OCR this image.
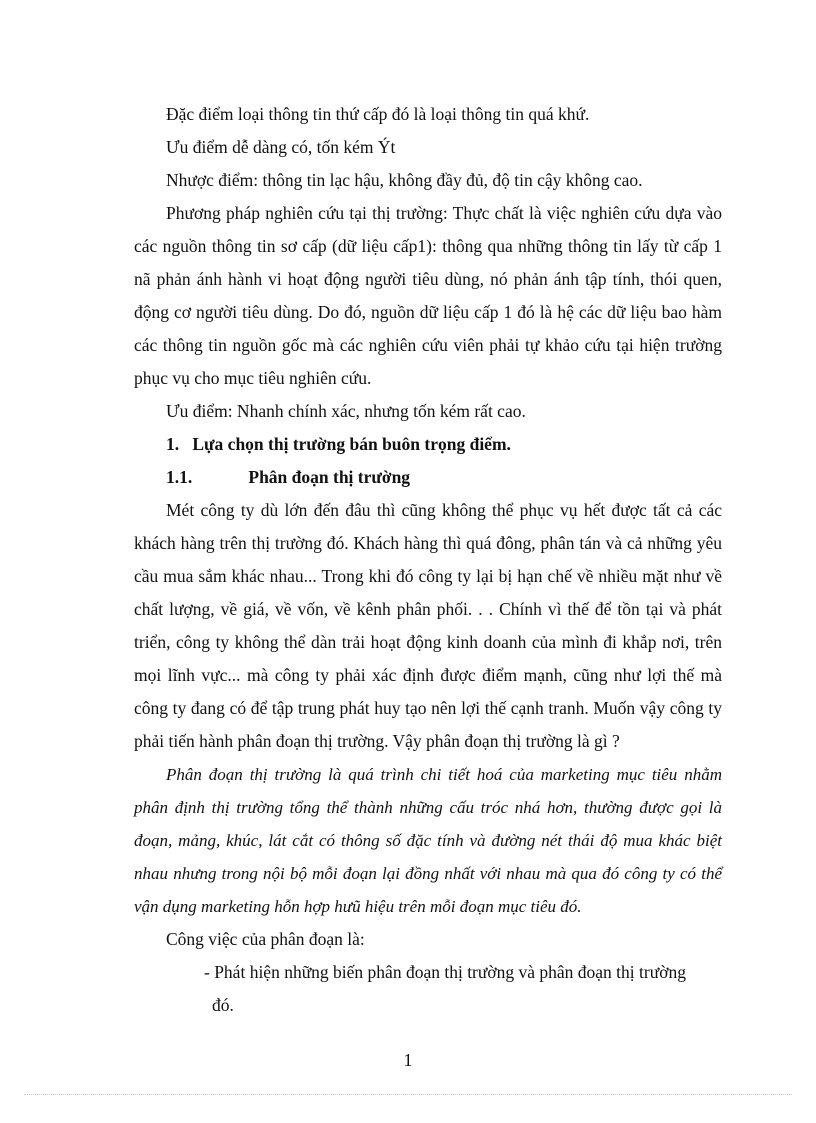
Đặc điểm loại thông tin thứ cấp đó là loại thông tin quá khứ.

Ưu điểm dễ dàng có, tốn kém Ýt

Nhược điểm: thông tin lạc hậu, không đầy đủ, độ tin cậy không cao.

Phương pháp nghiên cứu tại thị trường: Thực chất là việc nghiên cứu dựa vào các nguồn thông tin sơ cấp (dữ liệu cấp1): thông qua những thông tin lấy từ cấp 1 nã phản ánh hành vi hoạt động người tiêu dùng, nó phản ánh tập tính, thói quen, động cơ người tiêu dùng. Do đó, nguồn dữ liệu cấp 1 đó là hệ các dữ liệu bao hàm các thông tin nguồn gốc mà các nghiên cứu viên phải tự khảo cứu tại hiện trường phục vụ cho mục tiêu nghiên cứu.

Ưu điểm: Nhanh chính xác, nhưng tốn kém rất cao.

1. Lựa chọn thị trường bán buôn trọng điểm.

1.1.	Phân đoạn thị trường

Mét công ty dù lớn đến đâu thì cũng không thể phục vụ hết được tất cả các khách hàng trên thị trường đó. Khách hàng thì quá đông, phân tán và cả những yêu cầu mua sắm khác nhau... Trong khi đó công ty lại bị hạn chế về nhiều mặt như về chất lượng, về giá, về vốn, về kênh phân phối. . . Chính vì thế để tồn tại và phát triển, công ty không thể dàn trải hoạt động kinh doanh của mình đi khắp nơi, trên mọi lĩnh vực... mà công ty phải xác định được điểm mạnh, cũng như lợi thế mà công ty đang có để tập trung phát huy tạo nên lợi thế cạnh tranh. Muốn vậy công ty phải tiến hành phân đoạn thị trường. Vậy phân đoạn thị trường là gì ?

Phân đoạn thị trường là quá trình chi tiết hoá của marketing mục tiêu nhằm phân định thị trường tổng thể thành những cấu tróc nhá hơn, thường được gọi là đoạn, mảng, khúc, lát cắt có thông số đặc tính và đường nét thái độ mua khác biệt nhau nhưng trong nội bộ mỗi đoạn lại đồng nhất với nhau mà qua đó công ty có thể vận dụng marketing hỗn hợp hưũ hiệu trên mỗi đoạn mục tiêu đó.

Công việc của phân đoạn là:

- Phát hiện những biến phân đoạn thị trường và phân đoạn thị trường
đó.

1
